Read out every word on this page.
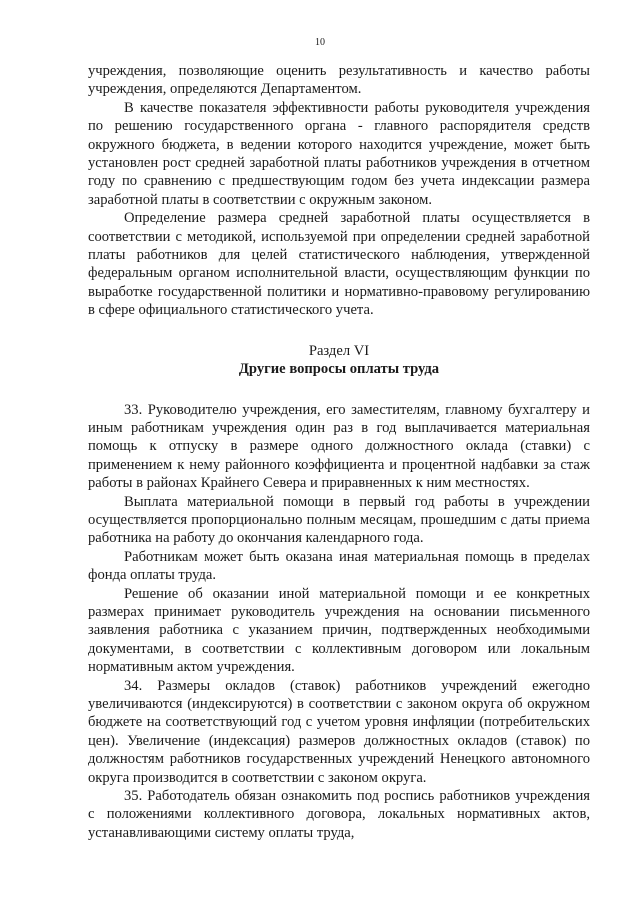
10

учреждения, позволяющие оценить результативность и качество работы учреждения, определяются Департаментом.

В качестве показателя эффективности работы руководителя учреждения по решению государственного органа - главного распорядителя средств окружного бюджета, в ведении которого находится учреждение, может быть установлен рост средней заработной платы работников учреждения в отчетном году по сравнению с предшествующим годом без учета индексации размера заработной платы в соответствии с окружным законом.

Определение размера средней заработной платы осуществляется в соответствии с методикой, используемой при определении средней заработной платы работников для целей статистического наблюдения, утвержденной федеральным органом исполнительной власти, осуществляющим функции по выработке государственной политики и нормативно-правовому регулированию в сфере официального статистического учета.

Раздел VI
Другие вопросы оплаты труда

33. Руководителю учреждения, его заместителям, главному бухгалтеру и иным работникам учреждения один раз в год выплачивается материальная помощь к отпуску в размере одного должностного оклада (ставки) с применением к нему районного коэффициента и процентной надбавки за стаж работы в районах Крайнего Севера и приравненных к ним местностях.

Выплата материальной помощи в первый год работы в учреждении осуществляется пропорционально полным месяцам, прошедшим с даты приема работника на работу до окончания календарного года.

Работникам может быть оказана иная материальная помощь в пределах фонда оплаты труда.

Решение об оказании иной материальной помощи и ее конкретных размерах принимает руководитель учреждения на основании письменного заявления работника с указанием причин, подтвержденных необходимыми документами, в соответствии с коллективным договором или локальным нормативным актом учреждения.

34. Размеры окладов (ставок) работников учреждений ежегодно увеличиваются (индексируются) в соответствии с законом округа об окружном бюджете на соответствующий год с учетом уровня инфляции (потребительских цен). Увеличение (индексация) размеров должностных окладов (ставок) по должностям работников государственных учреждений Ненецкого автономного округа производится в соответствии с законом округа.

35. Работодатель обязан ознакомить под роспись работников учреждения с положениями коллективного договора, локальных нормативных актов, устанавливающими систему оплаты труда,
